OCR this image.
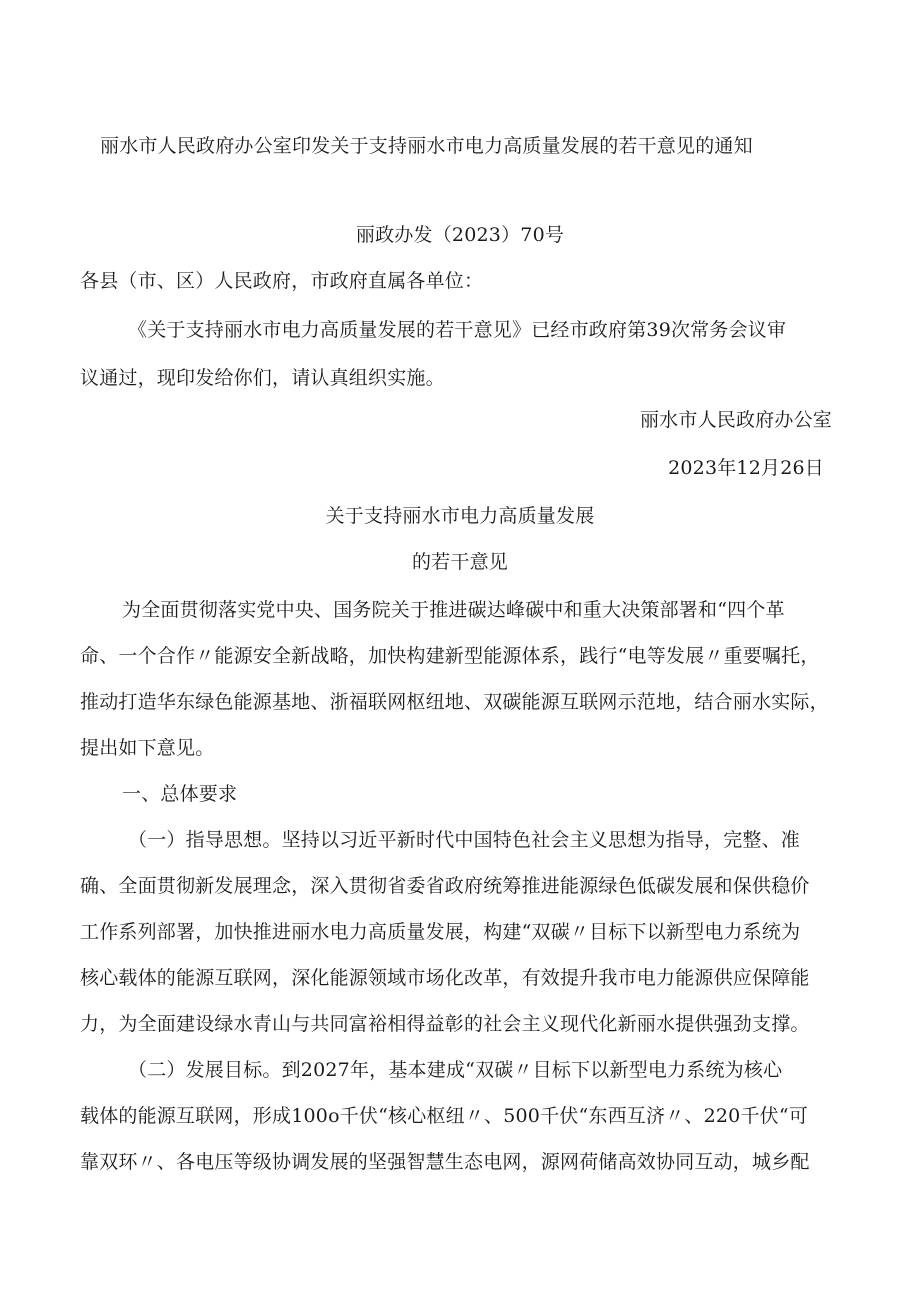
丽水市人民政府办公室印发关于支持丽水市电力高质量发展的若干意见的通知
丽政办发（2023）70号
各县（市、区）人民政府，市政府直属各单位：
《关于支持丽水市电力高质量发展的若干意见》已经市政府第39次常务会议审
议通过，现印发给你们，请认真组织实施。
丽水市人民政府办公室
2023年12月26日
关于支持丽水市电力高质量发展
的若干意见
为全面贯彻落实党中央、国务院关于推进碳达峰碳中和重大决策部署和“四个革
命、一个合作〃能源安全新战略，加快构建新型能源体系，践行“电等发展〃重要嘱托，
推动打造华东绿色能源基地、浙福联网枢纽地、双碳能源互联网示范地，结合丽水实际，
提出如下意见。
一、总体要求
（一）指导思想。坚持以习近平新时代中国特色社会主义思想为指导，完整、准
确、全面贯彻新发展理念，深入贯彻省委省政府统筹推进能源绿色低碳发展和保供稳价
工作系列部署，加快推进丽水电力高质量发展，构建“双碳〃目标下以新型电力系统为
核心载体的能源互联网，深化能源领域市场化改革，有效提升我市电力能源供应保障能
力，为全面建设绿水青山与共同富裕相得益彰的社会主义现代化新丽水提供强劲支撑。
（二）发展目标。到2027年，基本建成“双碳〃目标下以新型电力系统为核心
载体的能源互联网，形成100o千伏“核心枢纽〃、500千伏“东西互济〃、220千伏“可
靠双环〃、各电压等级协调发展的坚强智慧生态电网，源网荷储高效协同互动，城乡配
